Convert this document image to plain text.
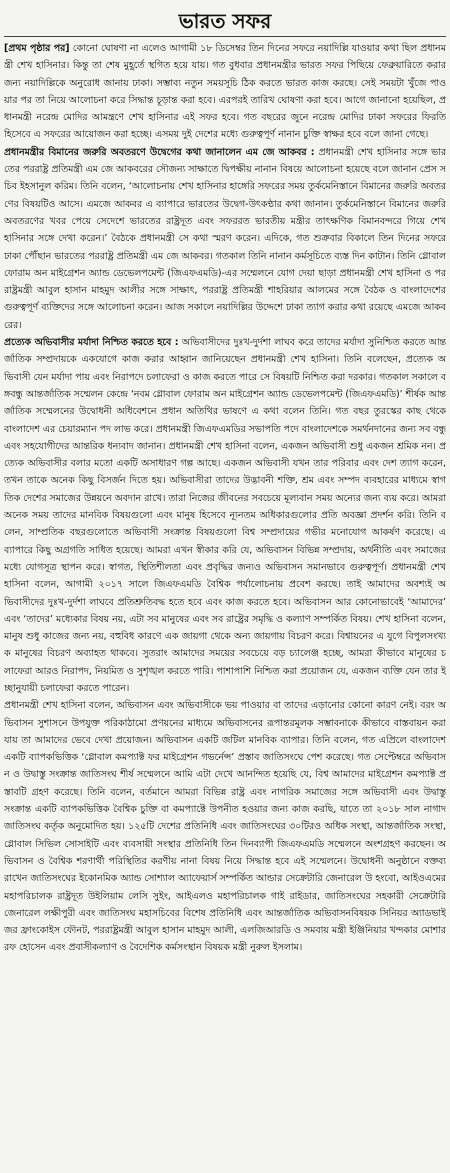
ভারত সফর

[প্রথম পৃষ্ঠার পর] কোনো ঘোষণা না এলেও আগামী ১৮ ডিসেম্বর তিন দিনের সফরে নয়াদিল্লি যাওয়ার কথা ছিল প্রধানমন্ত্রী শেখ হাসিনার। কিন্তু তা শেষ মুহূর্তে স্থগিত হয়ে যায়। গত বুধবার প্রধানমন্ত্রীর ভারত সফর পিছিয়ে ফেব্রুয়ারিতে করার জন্য নয়াদিল্লিকে অনুরোধ জানায় ঢাকা। সম্ভাব্য নতুন সময়সূচি ঠিক করতে ভারত কাজ করছে। সেই সময়টা খুঁজে পাওয়ার পর তা নিয়ে আলোচনা করে সিদ্ধান্ত চূড়ান্ত করা হবে। এরপরই তারিখ ঘোষণা করা হবে। আগে জানানো হয়েছিল, প্রধানমন্ত্রী নরেন্দ্র মোদির আমন্ত্রণে শেখ হাসিনার এই সফর হবে। গত বছরের জুনে নরেন্দ্র মোদির ঢাকা সফরের ফিরতি হিসেবে এ সফরের আয়োজন করা হচ্ছে। এসময় দুই দেশের মধ্যে গুরুত্বপূর্ণ নানান চুক্তি স্বাক্ষর হবে বলে জানা গেছে।

প্রধানমন্ত্রীর বিমানের জরুরি অবতরণে উদ্বেগের কথা জানালেন এম জে আকবর : প্রধানমন্ত্রী শেখ হাসিনার সঙ্গে ভারতের পররাষ্ট্র প্রতিমন্ত্রী এম জে আকবরের সৌজন্য সাক্ষাতে দ্বিপক্ষীয় নানান বিষয়ে আলোচনা হয়েছে বলে জানান প্রেস সচিব ইহসানুল করিম। তিনি বলেন, ‘আলোচনায় শেখ হাসিনার হাঙ্গেরি সফরের সময় তুর্কমেনিস্তানে বিমানের জরুরি অবতরণের বিষয়টিও আসে। এমজে আকবর এ ব্যাপারে ভারতের উদ্বেগ-উৎকণ্ঠার কথা জানান। তুর্কমেনিস্তানে বিমানের জরুরি অবতরণের খবর পেয়ে সেদেশে ভারতের রাষ্ট্রদূত এবং সফররত ভারতীয় মন্ত্রীর তাৎক্ষণিক বিমানবন্দরে গিয়ে শেখ হাসিনার সঙ্গে দেখা করেন।’ বৈঠকে প্রধানমন্ত্রী সে কথা স্মরণ করেন। এদিকে, গত শুক্রবার বিকালে তিন দিনের সফরে ঢাকা পৌঁছান ভারতের পররাষ্ট্র প্রতিমন্ত্রী এম জে আকবর। গতকাল তিনি নানান কর্মসূচিতে ব্যস্ত দিন কাটান। তিনি গ্লোবাল ফোরাম অন মাইগ্রেশন অ্যান্ড ডেভেলপমেন্ট (জিএফএমডি)-এর সম্মেলনে যোগ দেয়া ছাড়া প্রধানমন্ত্রী শেখ হাসিনা ও পররাষ্ট্রমন্ত্রী আবুল হাসান মাহমুদ আলীর সঙ্গে সাক্ষাৎ, পররাষ্ট্র প্রতিমন্ত্রী শাহরিয়ার আলমের সঙ্গে বৈঠক ও বাংলাদেশের গুরুত্বপূর্ণ ব্যক্তিদের সঙ্গে আলোচনা করেন। আজ সকালে নয়াদিল্লির উদ্দেশে ঢাকা ত্যাগ করার কথা রয়েছে এমজে আকবরের।

প্রত্যেক অভিবাসীর মর্যাদা নিশ্চিত করতে হবে : অভিবাসীদের দুঃখ-দুর্দশা লাঘব করে তাদের মর্যাদা সুনিশ্চিত করতে আন্তর্জাতিক সম্প্রদায়কে একযোগে কাজ করার আহ্বান জানিয়েছেন প্রধানমন্ত্রী শেখ হাসিনা। তিনি বলেছেন, প্রত্যেক অভিবাসী যেন মর্যাদা পায় এবং নিরাপদে চলাফেরা ও কাজ করতে পারে সে বিষয়টি নিশ্চিত করা দরকার। গতকাল সকালে বঙ্গবন্ধু আন্তর্জাতিক সম্মেলন কেন্দ্রে ‘নবম গ্লোবাল ফোরাম অন মাইগ্রেশন অ্যান্ড ডেভেলপমেন্ট (জিএফএমডি)’ শীর্ষক আন্তর্জাতিক সম্মেলনের উদ্বোধনী অধিবেশনে প্রধান অতিথির ভাষণে এ কথা বলেন তিনি। গত বছর তুরস্কের কাছ থেকে বাংলাদেশ এর চেয়ারম্যান পদ লাভ করে। প্রধানমন্ত্রী জিএফএমডির সভাপতি পদে বাংলাদেশকে সমর্থনদানের জন্য সব বন্ধু এবং সহযোগীদের আন্তরিক ধন্যবাদ জানান। প্রধানমন্ত্রী শেখ হাসিনা বলেন, একজন অভিবাসী শুধু একজন শ্রমিক নন। প্রত্যেক অভিবাসীর বলার মতো একটি অসাধারণ গল্প আছে। একজন অভিবাসী যখন তার পরিবার এবং দেশ ত্যাগ করেন, তখন তাকে অনেক কিছু বিসর্জন দিতে হয়। অভিবাসীরা তাদের উদ্ভাবনী শক্তি, শ্রম এবং সম্পদ ব্যবহারের মাধ্যমে স্বাগতিক দেশের সমাজের উন্নয়নে অবদান রাখে। তারা নিজের জীবনের সবচেয়ে মূল্যবান সময় অন্যের জন্য ব্যয় করে। আমরা অনেক সময় তাদের মানবিক বিষয়গুলো এবং মানুষ হিসেবে ন্যূনতম অধিকারগুলোর প্রতি অবজ্ঞা প্রদর্শন করি। তিনি বলেন, সাম্প্রতিক বছরগুলোতে অভিবাসী সংক্রান্ত বিষয়গুলো বিশ্ব সম্প্রদায়ের গভীর মনোযোগ আকর্ষণ করেছে। এ ব্যাপারে কিছু অগ্রগতি সাধিত হয়েছে। আমরা এখন স্বীকার করি যে, অভিবাসন বিভিন্ন সম্প্রদায়, অর্থনীতি এবং সমাজের মধ্যে যোগসূত্র স্থাপন করে। স্বাগত, স্থিতিশীলতা এবং প্রবৃদ্ধির জন্যও অভিবাসন সমানভাবে গুরুত্বপূর্ণ। প্রধানমন্ত্রী শেখ হাসিনা বলেন, আগামী ২০১৭ সালে জিএফএমডি বৈশ্বিক পর্যালোচনায় প্রবেশ করছে। তাই আমাদের অবশ্যই অভিবাসীদের দুঃখ-দুর্দশা লাঘবে প্রতিশ্রুতিবদ্ধ হতে হবে এবং কাজ করতে হবে। অভিবাসন আর কোনোভাবেই ‘আমাদের’ এবং ‘তাদের’ মধ্যেকার বিষয় নয়, এটা সব মানুষের এবং সব রাষ্ট্রের সমৃদ্ধি ও কল্যাণ সম্পর্কিত বিষয়। শেখ হাসিনা বলেন, মানুষ শুধু কাজের জন্য নয়, বহুবিধ কারণে এক জায়গা থেকে অন্য জায়গায় বিচরণ করে। বিশ্বায়নের এ যুগে বিপুলসংখ্যক মানুষের বিচরণ অব্যাহত থাকবে। সুতরাং আমাদের সময়ের সবচেয়ে বড় চ্যালেঞ্জ হচ্ছে, আমরা কীভাবে মানুষের চলাফেরা আরও নিরাপদ, নিয়মিত ও সুশৃঙ্খল করতে পারি। পাশাপাশি নিশ্চিত করা প্রয়োজন যে, একজন ব্যক্তি যেন তার ইচ্ছানুযায়ী চলাফেরা করতে পারেন।

প্রধানমন্ত্রী শেখ হাসিনা বলেন, অভিবাসন এবং অভিবাসীকে ভয় পাওয়ার বা তাদের এড়ানোর কোনো কারণ নেই। বরং অভিবাসন সুশাসনে উপযুক্ত পরিকাঠামো প্রণয়নের মাধ্যমে অভিবাসনের রূপান্তরমূলক সম্ভাবনাকে কীভাবে বাস্তবায়ন করা যায় তা আমাদের ভেবে দেখা প্রয়োজন। অভিবাসন একটি জটিল মানবিক ব্যাপার। তিনি বলেন, গত এপ্রিলে বাংলাদেশ একটি ব্যাপকভিত্তিক ‘গ্লোবাল কমপ্যাক্ট ফর মাইগ্রেশন গভর্নেন্স’ প্রস্তাব জাতিসংঘে পেশ করেছে। গত সেপ্টেম্বরে অভিবাসন ও উদ্বাস্তু সংক্রান্ত জাতিসংঘ শীর্ষ সম্মেলনে আমি এটা দেখে আনন্দিত হয়েছি যে, বিশ্ব আমাদের মাইগ্রেশন কমপ্যাক্ট প্রস্তাবটি গ্রহণ করেছে। তিনি বলেন, বর্তমানে আমরা বিভিন্ন রাষ্ট্র এবং নাগরিক সমাজের সঙ্গে অভিবাসী এবং উদ্বাস্তু সংক্রান্ত একটি ব্যাপকভিত্তিক বৈশ্বিক চুক্তি বা কমপ্যাক্টে উপনীত হওয়ার জন্য কাজ করছি, যাতে তা ২০১৮ সাল নাগাদ জাতিসংঘ কর্তৃক অনুমোদিত হয়। ১২৫টি দেশের প্রতিনিধি এবং জাতিসংঘের ৩০টিরও অধিক সংস্থা, আন্তর্জাতিক সংস্থা, গ্লোবাল সিভিল সোসাইটি এবং ব্যবসায়ী সংস্থার প্রতিনিধি তিন দিনব্যাপী জিএফএমডি সম্মেলনে অংশগ্রহণ করছেন। অভিবাসন ও বৈশ্বিক শরণার্থী পরিস্থিতির করণীয় নানা বিষয় নিয়ে সিদ্ধান্ত হবে এই সম্মেলনে। উদ্বোধনী অনুষ্ঠানে বক্তব্য রাখেন জাতিসংঘের ইকোনমিক অ্যান্ড সোশ্যাল অ্যাফেয়ার্স সম্পর্কিত আন্ডার সেক্রেটারি জেনারেল উ হংবো, আইওএমের মহাপরিচালক রাষ্ট্রদূত উইলিয়াম লেসি সুইং, আইএলও মহাপরিচালক গাই রাইডার, জাতিসংঘের সহকারী সেক্রেটারি জেনারেল লক্ষীপুরী এবং জাতিসংঘ মহাসচিবের বিশেষ প্রতিনিধি এবং আন্তর্জাতিক অভিবাসনবিষয়ক সিনিয়র অ্যাডভাইজর ফ্রাংকোইস ফৌনট, পররাষ্ট্রমন্ত্রী আবুল হাসান মাহমুদ আলী, এলজিআরডি ও সমবায় মন্ত্রী ইঞ্জিনিয়ার খন্দকার মোশাররফ হোসেন এবং প্রবাসীকল্যাণ ও বৈদেশিক কর্মসংস্থান বিষয়ক মন্ত্রী নুরুল ইসলাম।
